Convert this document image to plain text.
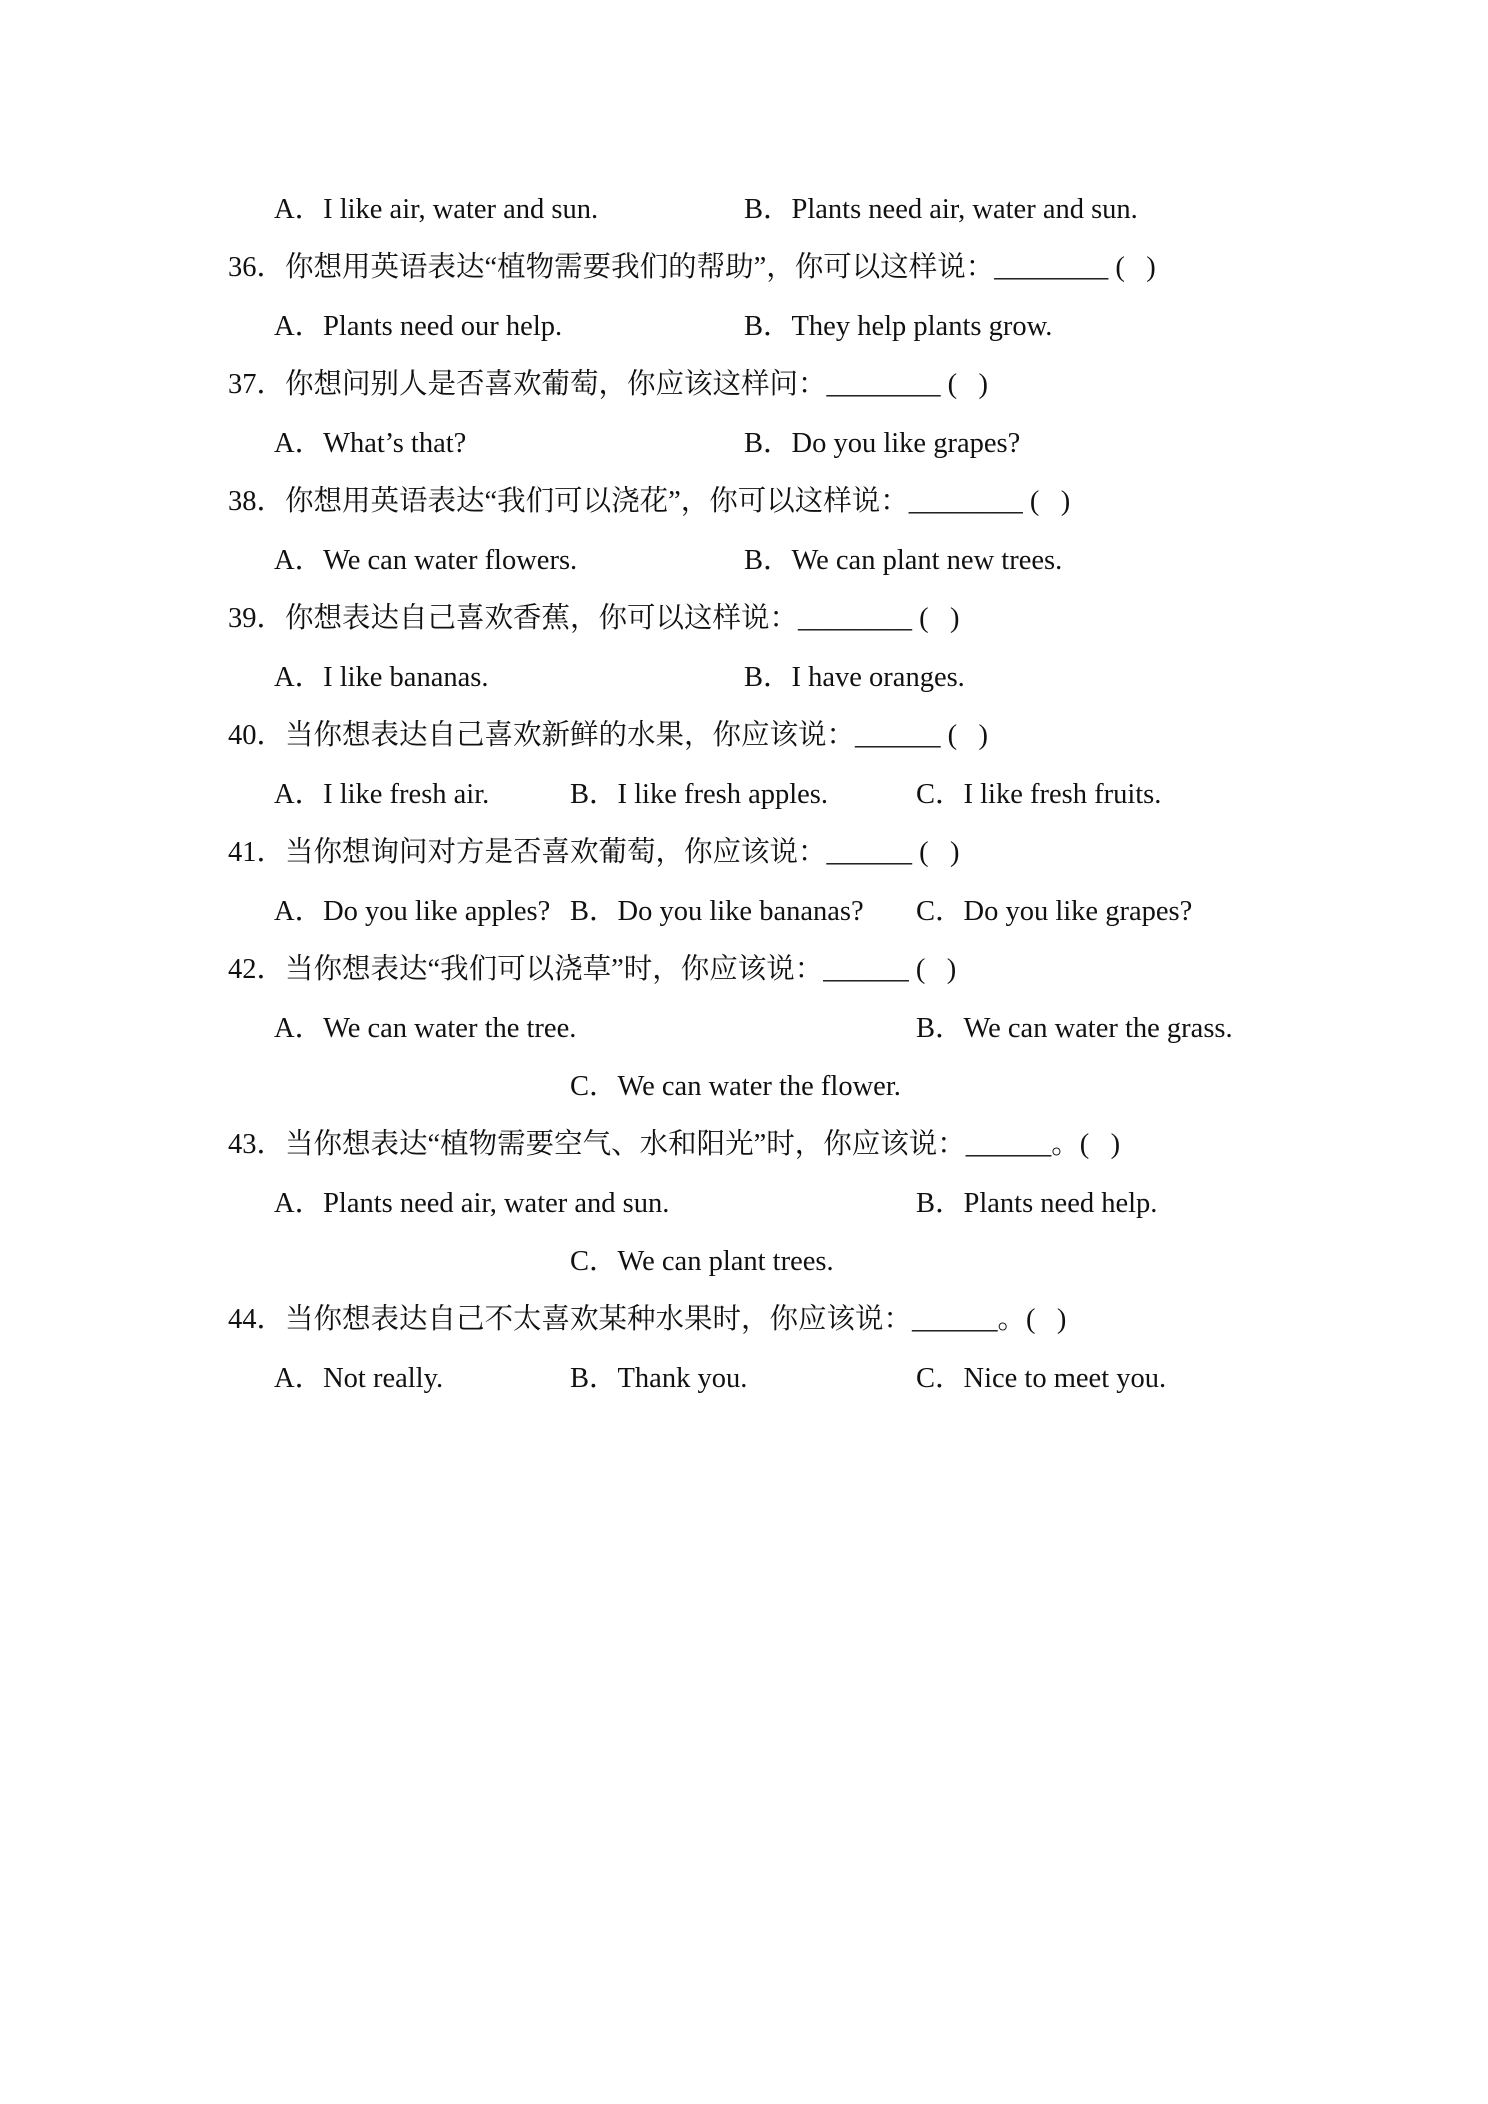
A．I like air, water and sun.	B．Plants need air, water and sun.
36．你想用英语表达“植物需要我们的帮助”，你可以这样说：________ (   )
A．Plants need our help.	B．They help plants grow.
37．你想问别人是否喜欢葡萄，你应该这样问：________ (   )
A．What’s that?	B．Do you like grapes?
38．你想用英语表达“我们可以浇花”，你可以这样说：________ (   )
A．We can water flowers.	B．We can plant new trees.
39．你想表达自己喜欢香蕉，你可以这样说：________ (   )
A．I like bananas.	B．I have oranges.
40．当你想表达自己喜欢新鲜的水果，你应该说：______ (   )
A．I like fresh air.	B．I like fresh apples.	C．I like fresh fruits.
41．当你想询问对方是否喜欢葡萄，你应该说：______ (   )
A．Do you like apples? B．Do you like bananas? C．Do you like grapes?
42．当你想表达“我们可以浇草”时，你应该说：______ (   )
A．We can water the tree.	B．We can water the grass.
C．We can water the flower.
43．当你想表达“植物需要空气、水和阳光”时，你应该说：______。(   )
A．Plants need air, water and sun.	B．Plants need help.
C．We can plant trees.
44．当你想表达自己不太喜欢某种水果时，你应该说：______。(   )
A．Not really.	B．Thank you.	C．Nice to meet you.
